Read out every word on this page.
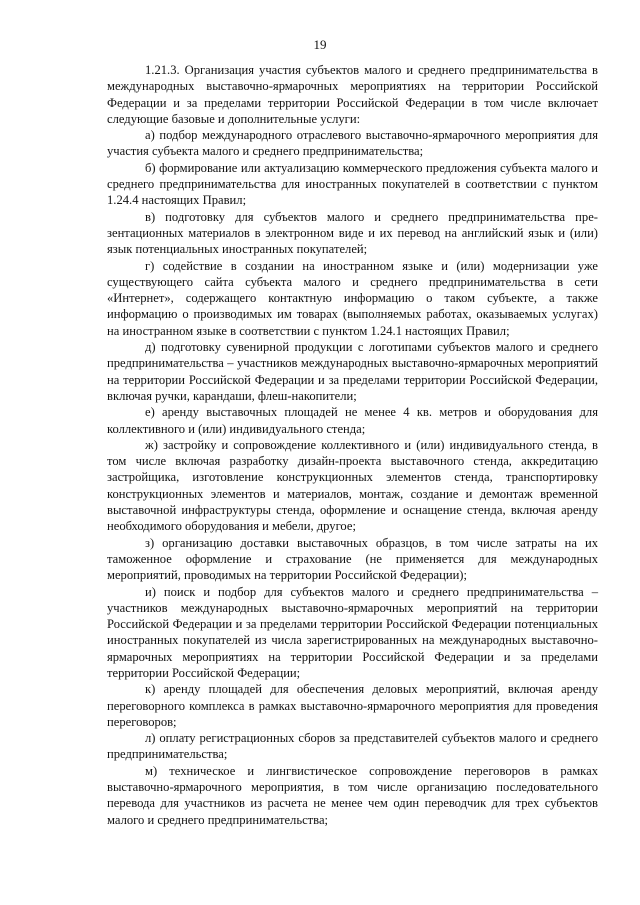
19

1.21.3. Организация участия субъектов малого и среднего предпринимательства в международных выставочно-ярмарочных мероприятиях на территории Российской Федерации и за пределами территории Российской Федерации в том числе включает следующие базовые и дополнительные услуги:

а) подбор международного отраслевого выставочно-ярмарочного мероприятия для участия субъекта малого и среднего предпринимательства;

б) формирование или актуализацию коммерческого предложения субъекта малого и среднего предпринимательства для иностранных покупателей в соответствии с пунктом 1.24.4 настоящих Правил;

в) подготовку для субъектов малого и среднего предпринимательства презентационных материалов в электронном виде и их перевод на английский язык и (или) язык потенциальных иностранных покупателей;

г) содействие в создании на иностранном языке и (или) модернизации уже существующего сайта субъекта малого и среднего предпринимательства в сети «Интернет», содержащего контактную информацию о таком субъекте, а также информацию о производимых им товарах (выполняемых работах, оказываемых услугах) на иностранном языке в соответствии с пунктом 1.24.1 настоящих Правил;

д) подготовку сувенирной продукции с логотипами субъектов малого и среднего предпринимательства – участников международных выставочно-ярмарочных мероприятий на территории Российской Федерации и за пределами территории Российской Федерации, включая ручки, карандаши, флеш-накопители;

е) аренду выставочных площадей не менее 4 кв. метров и оборудования для коллективного и (или) индивидуального стенда;

ж) застройку и сопровождение коллективного и (или) индивидуального стенда, в том числе включая разработку дизайн-проекта выставочного стенда, аккредитацию застройщика, изготовление конструкционных элементов стенда, транспортировку конструкционных элементов и материалов, монтаж, создание и демонтаж временной выставочной инфраструктуры стенда, оформление и оснащение стенда, включая аренду необходимого оборудования и мебели, другое;

з) организацию доставки выставочных образцов, в том числе затраты на их таможенное оформление и страхование (не применяется для международных мероприятий, проводимых на территории Российской Федерации);

и) поиск и подбор для субъектов малого и среднего предпринимательства – участников международных выставочно-ярмарочных мероприятий на территории Российской Федерации и за пределами территории Российской Федерации потенциальных иностранных покупателей из числа зарегистрированных на международных выставочно-ярмарочных мероприятиях на территории Российской Федерации и за пределами территории Российской Федерации;

к) аренду площадей для обеспечения деловых мероприятий, включая аренду переговорного комплекса в рамках выставочно-ярмарочного мероприятия для проведения переговоров;

л) оплату регистрационных сборов за представителей субъектов малого и среднего предпринимательства;

м) техническое и лингвистическое сопровождение переговоров в рамках выставочно-ярмарочного мероприятия, в том числе организацию последовательного перевода для участников из расчета не менее чем один переводчик для трех субъектов малого и среднего предпринимательства;
